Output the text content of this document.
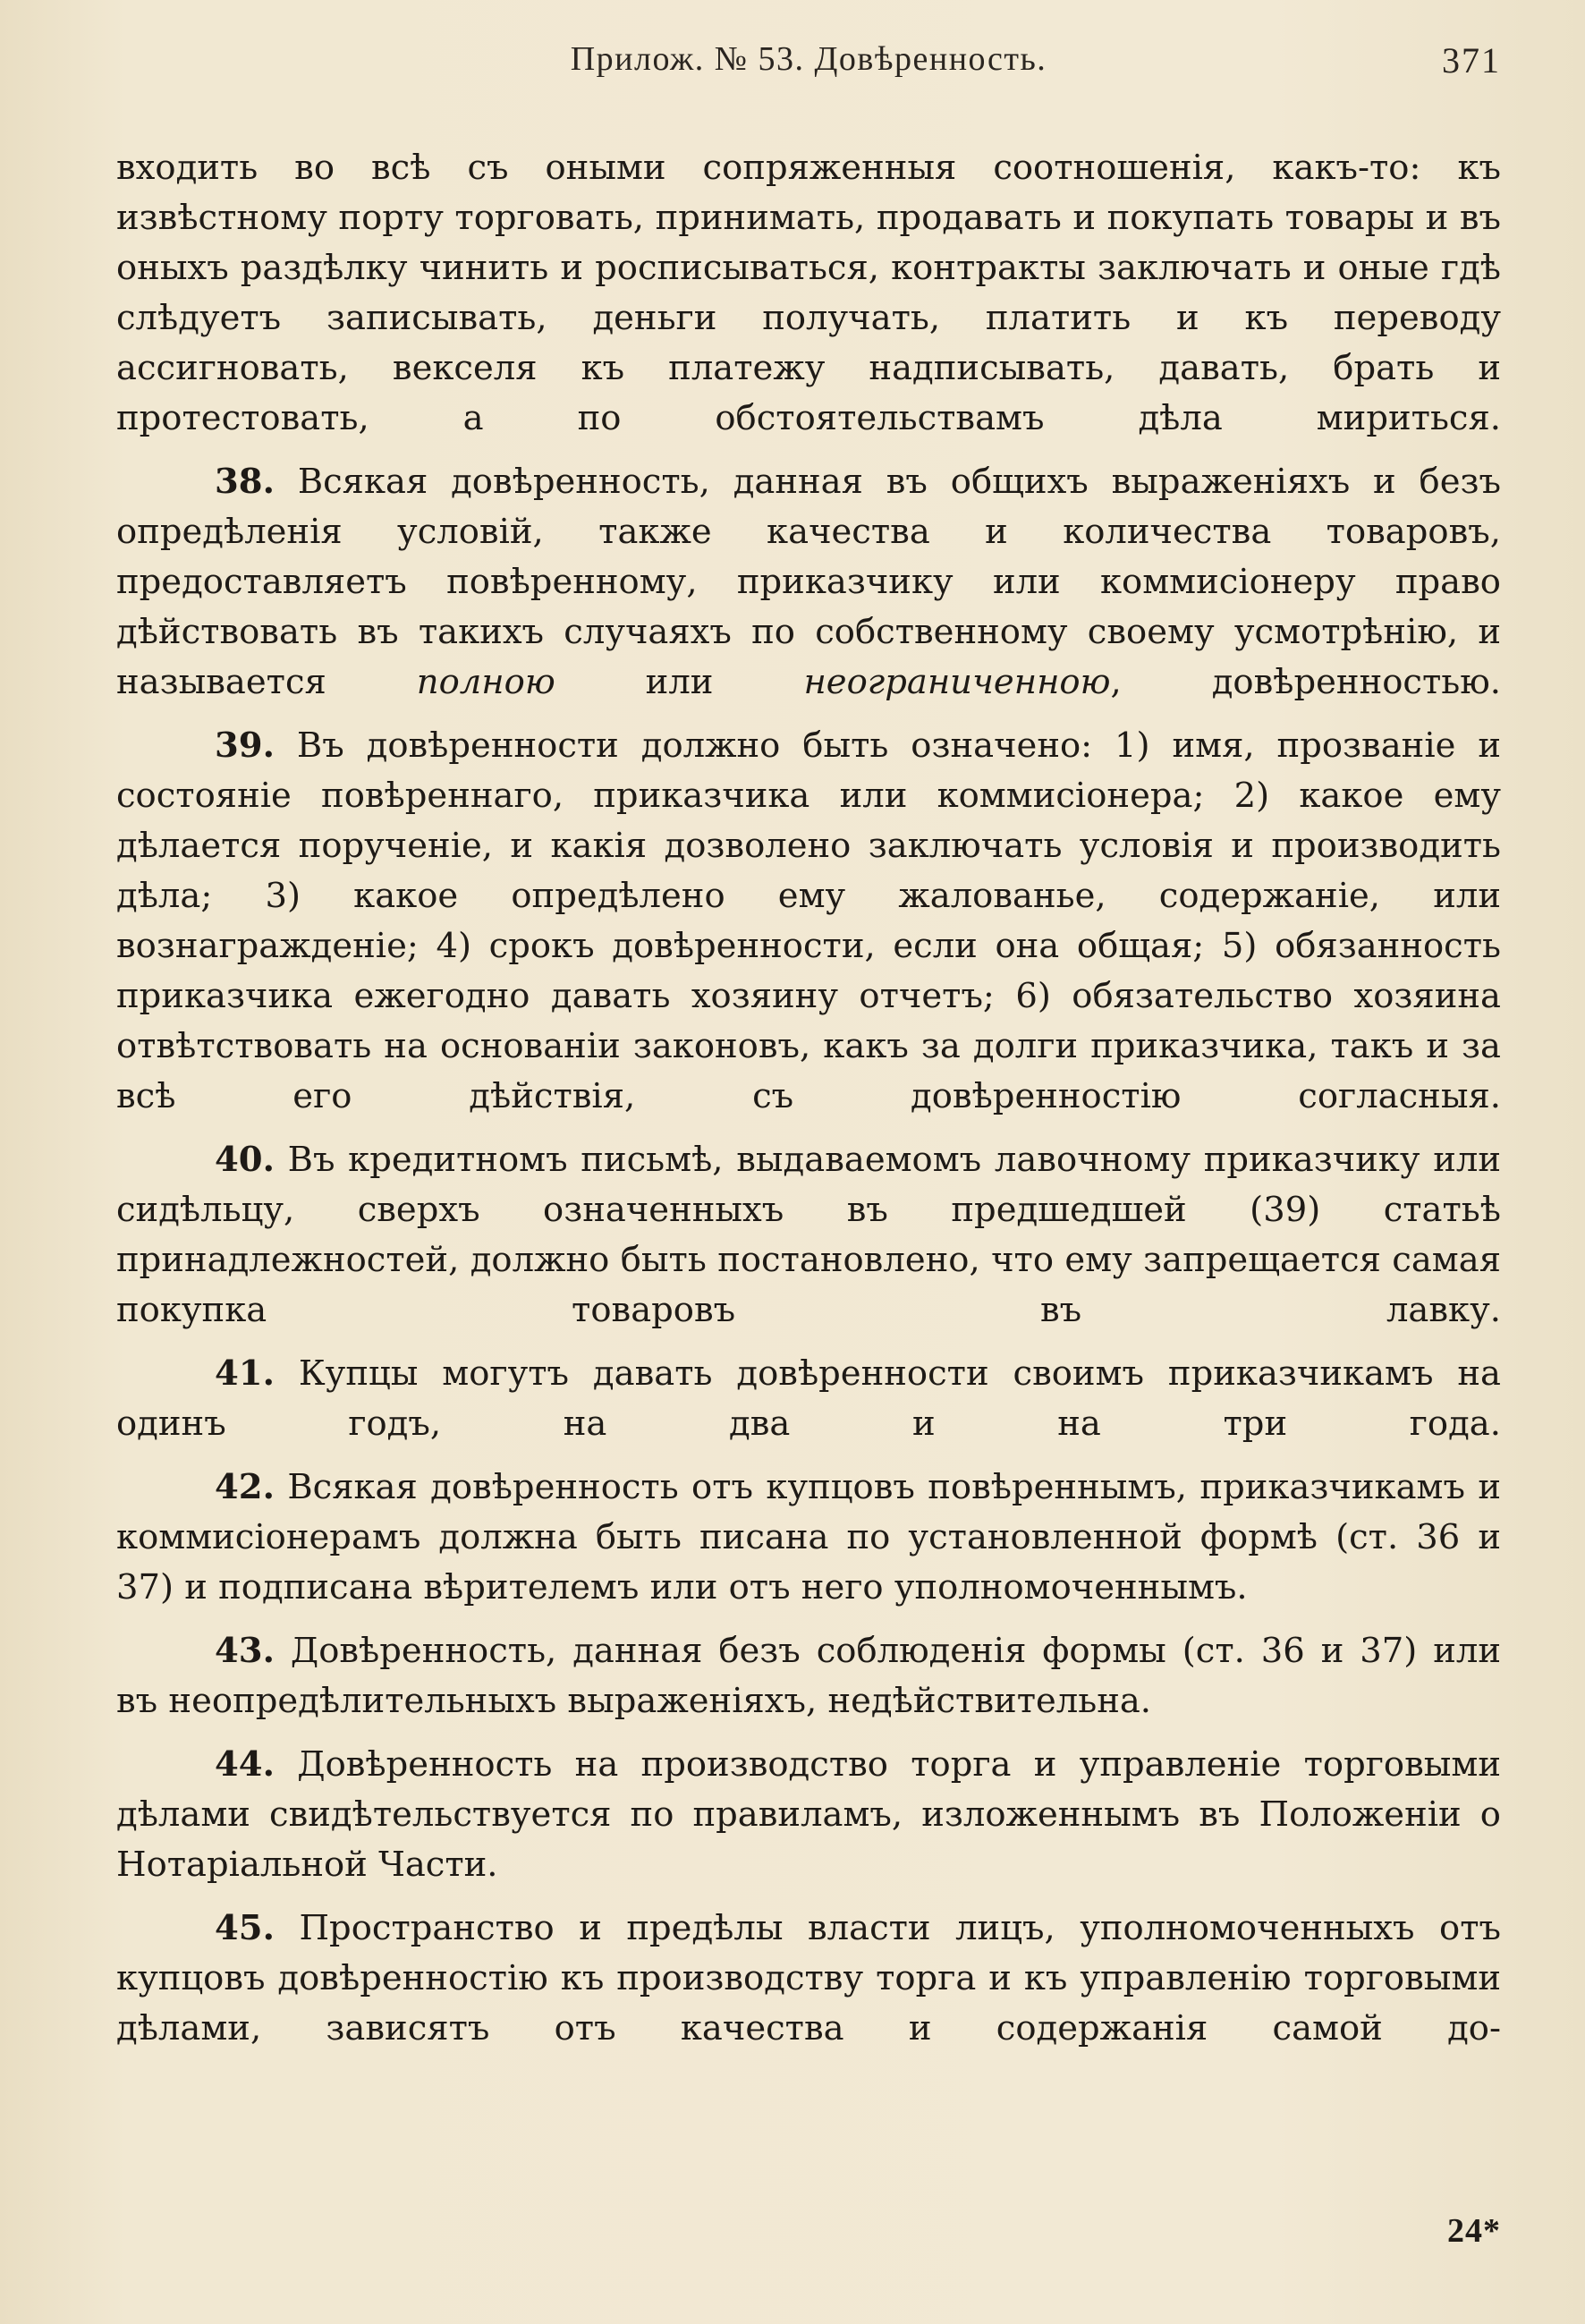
Прилож. № 53. Довѣренность.	371

входить во всѣ съ оными сопряженныя соотношенія, какъ-то: къ извѣстному порту торговать, принимать, продавать и покупать товары и въ оныхъ раздѣлку чинить и росписываться, контракты заключать и оные гдѣ слѣдуетъ записывать, деньги получать, платить и къ переводу ассигновать, векселя къ платежу надписывать, давать, брать и протестовать, а по обстоятельствамъ дѣла мириться.

38. Всякая довѣренность, данная въ общихъ выраженіяхъ и безъ опредѣленія условій, также качества и количества товаровъ, предоставляетъ повѣренному, приказчику или коммисіонеру право дѣйствовать въ такихъ случаяхъ по собственному своему усмотрѣнію, и называется полною или неограниченною, довѣренностью.

39. Въ довѣренности должно быть означено: 1) имя, прозваніе и состояніе повѣреннаго, приказчика или коммисіонера; 2) какое ему дѣлается порученіе, и какія дозволено заключать условія и производить дѣла; 3) какое опредѣлено ему жалованье, содержаніе, или вознагражденіе; 4) срокъ довѣренности, если она общая; 5) обязанность приказчика ежегодно давать хозяину отчетъ; 6) обязательство хозяина отвѣтствовать на основаніи законовъ, какъ за долги приказчика, такъ и за всѣ его дѣйствія, съ довѣренностію согласныя.

40. Въ кредитномъ письмѣ, выдаваемомъ лавочному приказчику или сидѣльцу, сверхъ означенныхъ въ предшедшей (39) статьѣ принадлежностей, должно быть постановлено, что ему запрещается самая покупка товаровъ въ лавку.

41. Купцы могутъ давать довѣренности своимъ приказчикамъ на одинъ годъ, на два и на три года.

42. Всякая довѣренность отъ купцовъ повѣреннымъ, приказчикамъ и коммисіонерамъ должна быть писана по установленной формѣ (ст. 36 и 37) и подписана вѣрителемъ или отъ него уполномоченнымъ.

43. Довѣренность, данная безъ соблюденія формы (ст. 36 и 37) или въ неопредѣлительныхъ выраженіяхъ, недѣйствительна.

44. Довѣренность на производство торга и управленіе торговыми дѣлами свидѣтельствуется по правиламъ, изложеннымъ въ Положеніи о Нотаріальной Части.

45. Пространство и предѣлы власти лицъ, уполномоченныхъ отъ купцовъ довѣренностію къ производству торга и къ управленію торговыми дѣлами, зависятъ отъ качества и содержанія самой до-

24*
